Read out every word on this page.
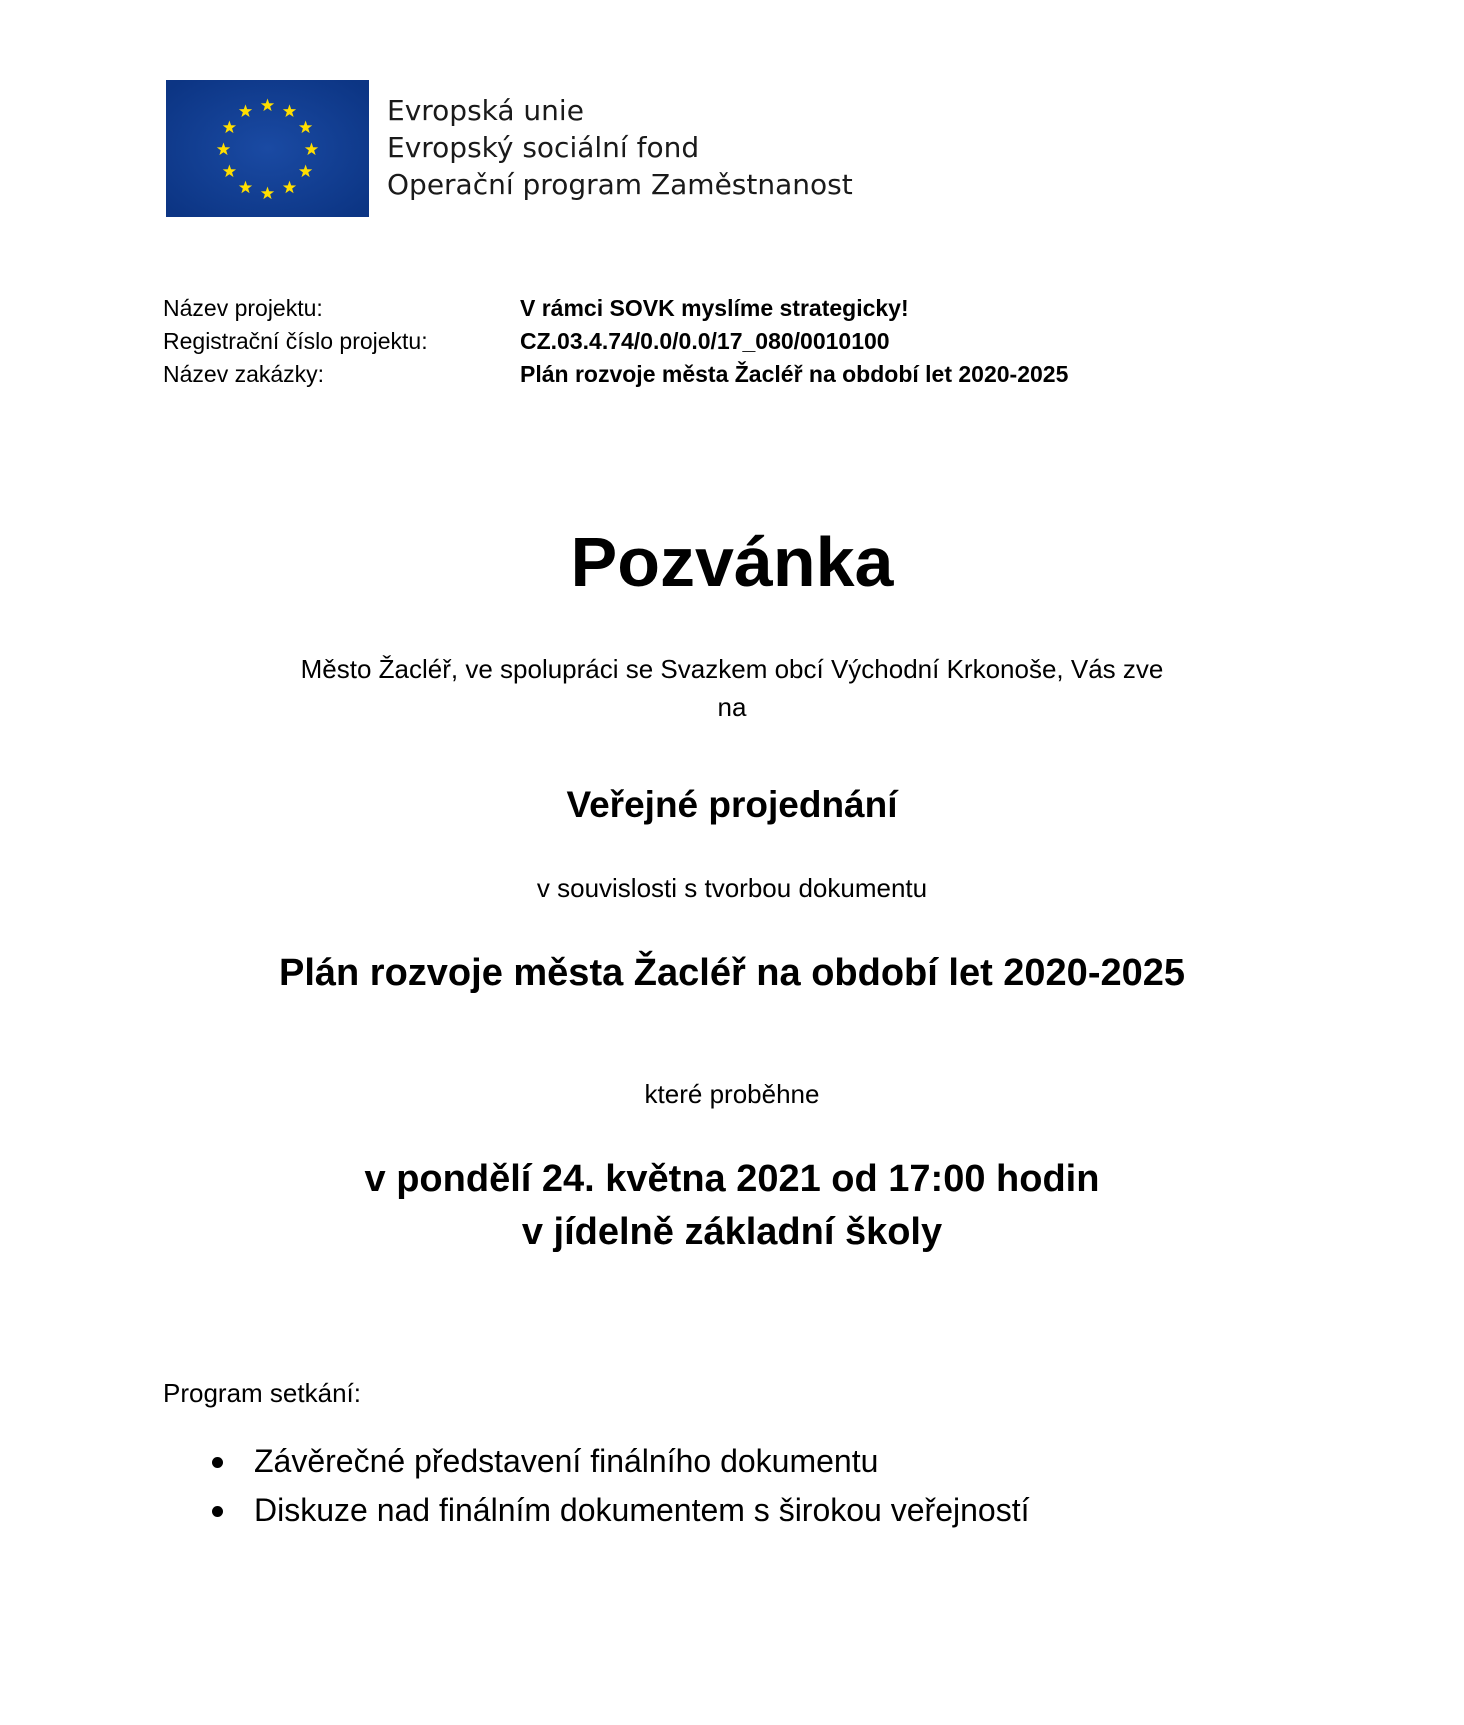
Evropská unie
Evropský sociální fond
Operační program Zaměstnanost
Název projektu:	V rámci SOVK myslíme strategicky!
Registrační číslo projektu:	CZ.03.4.74/0.0/0.0/17_080/0010100
Název zakázky:	Plán rozvoje města Žacléř na období let 2020-2025
Pozvánka
Město Žacléř, ve spolupráci se Svazkem obcí Východní Krkonoše, Vás zve
na
Veřejné projednání
v souvislosti s tvorbou dokumentu
Plán rozvoje města Žacléř na období let 2020-2025
které proběhne
v pondělí 24. května 2021 od 17:00 hodin
v jídelně základní školy
Program setkání:
Závěrečné představení finálního dokumentu
Diskuze nad finálním dokumentem s širokou veřejností
